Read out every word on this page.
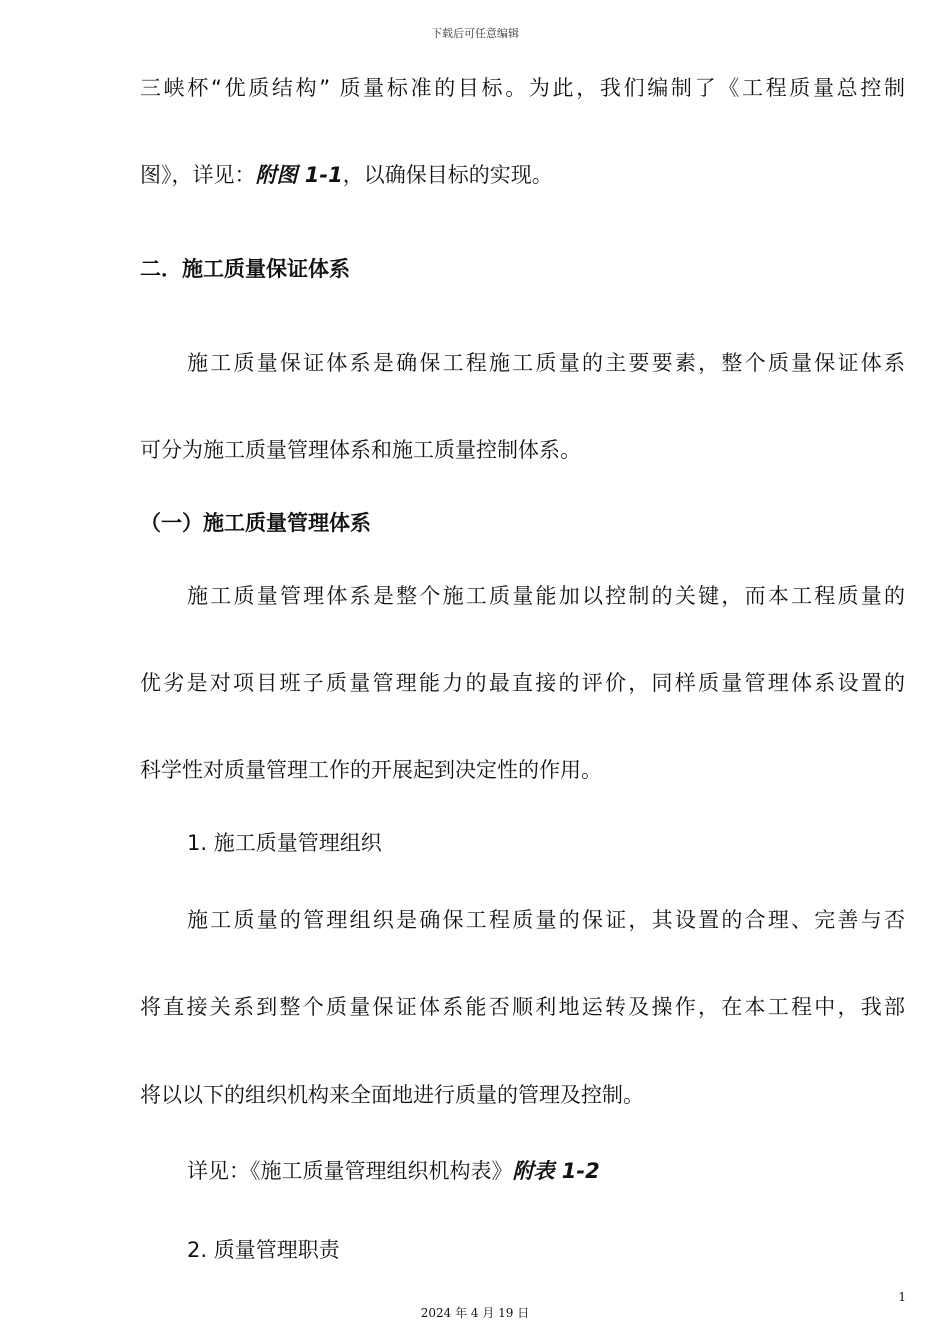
下载后可任意编辑
三峡杯“优质结构” 质量标准的目标。为此，我们编制了《工程质量总控制
图》，详见：附图 1-1，以确保目标的实现。
二．施工质量保证体系
施工质量保证体系是确保工程施工质量的主要要素，整个质量保证体系
可分为施工质量管理体系和施工质量控制体系。
（一）施工质量管理体系
施工质量管理体系是整个施工质量能加以控制的关键，而本工程质量的
优劣是对项目班子质量管理能力的最直接的评价，同样质量管理体系设置的
科学性对质量管理工作的开展起到决定性的作用。
1. 施工质量管理组织
施工质量的管理组织是确保工程质量的保证，其设置的合理、完善与否
将直接关系到整个质量保证体系能否顺利地运转及操作，在本工程中，我部
将以以下的组织机构来全面地进行质量的管理及控制。
详见：《施工质量管理组织机构表》附表 1-2
2. 质量管理职责
1
2024 年 4 月 19 日
